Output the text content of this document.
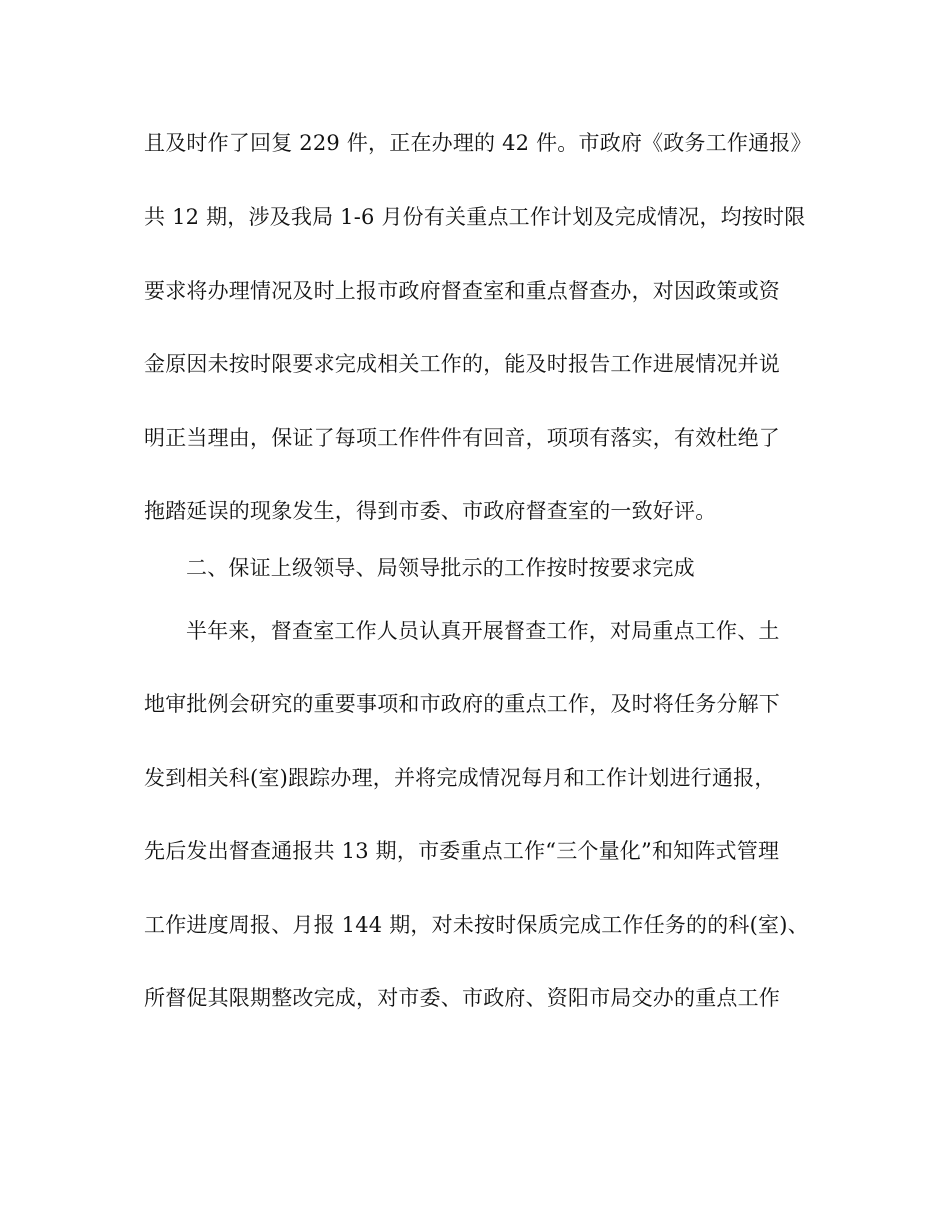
且及时作了回复 229 件，正在办理的 42 件。市政府《政务工作通报》
共 12 期，涉及我局 1-6 月份有关重点工作计划及完成情况，均按时限
要求将办理情况及时上报市政府督查室和重点督查办，对因政策或资
金原因未按时限要求完成相关工作的，能及时报告工作进展情况并说
明正当理由，保证了每项工作件件有回音，项项有落实，有效杜绝了
拖踏延误的现象发生，得到市委、市政府督查室的一致好评。
二、保证上级领导、局领导批示的工作按时按要求完成
半年来，督查室工作人员认真开展督查工作，对局重点工作、土
地审批例会研究的重要事项和市政府的重点工作，及时将任务分解下
发到相关科(室)跟踪办理，并将完成情况每月和工作计划进行通报，
先后发出督查通报共 13 期，市委重点工作“三个量化”和知阵式管理
工作进度周报、月报 144 期，对未按时保质完成工作任务的的科(室)、
所督促其限期整改完成，对市委、市政府、资阳市局交办的重点工作
